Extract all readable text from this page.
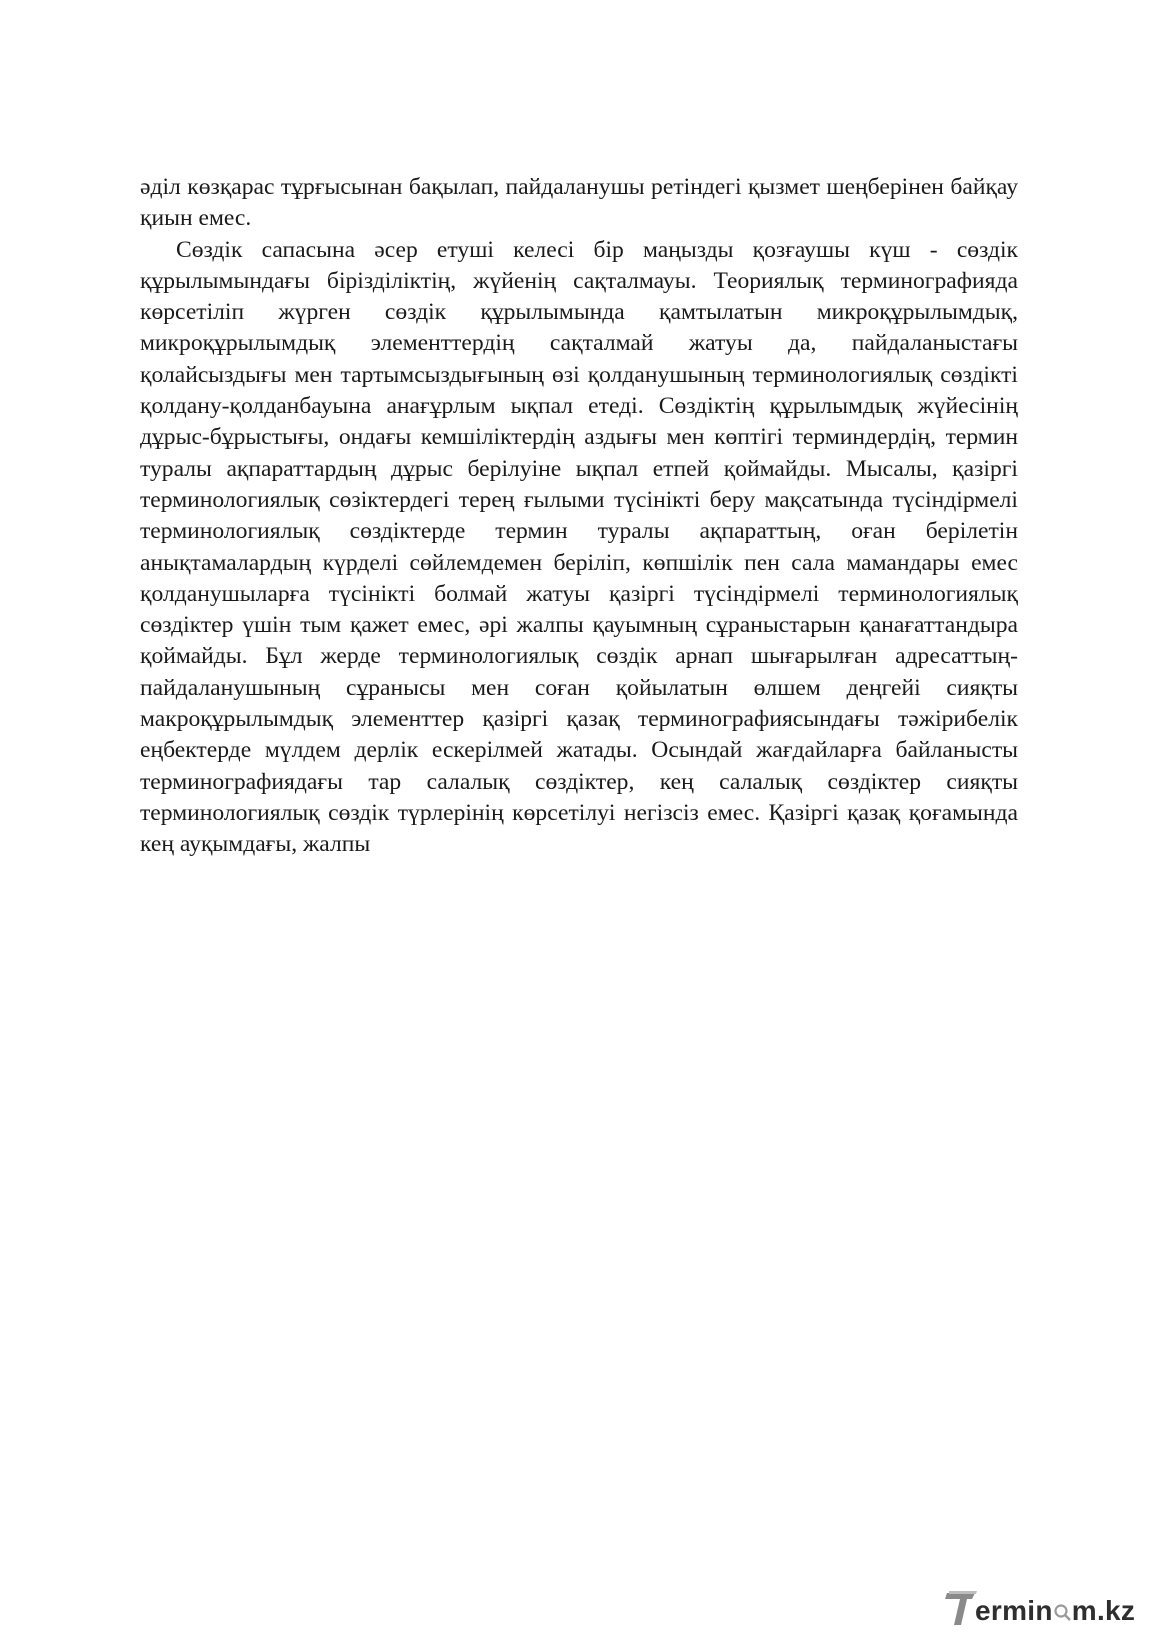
әділ көзқарас тұрғысынан бақылап, пайдаланушы ретіндегі қызмет шеңберінен байқау қиын емес.

Сөздік сапасына әсер етуші келесі бір маңызды қозғаушы күш - сөздік құрылымындағы бірізділіктің, жүйенің сақталмауы. Теориялық терминографияда көрсетіліп жүрген сөздік құрылымында қамтылатын микроқұрылымдық, микроқұрылымдық элементтердің сақталмай жатуы да, пайдаланыстағы қолайсыздығы мен тартымсыздығының өзі қолданушының терминологиялық сөздікті қолдану-қолданбауына анағұрлым ықпал етеді. Сөздіктің құрылымдық жүйесінің дұрыс-бұрыстығы, ондағы кемшіліктердің аздығы мен көптігі терминдердің, термин туралы ақпараттардың дұрыс берілуіне ықпал етпей қоймайды. Мысалы, қазіргі терминологиялық сөзіктердегі терең ғылыми түсінікті беру мақсатында түсіндірмелі терминологиялық сөздіктерде термин туралы ақпараттың, оған берілетін анықтамалардың күрделі сөйлемдемен беріліп, көпшілік пен сала мамандары емес қолданушыларға түсінікті болмай жатуы қазіргі түсіндірмелі терминологиялық сөздіктер үшін тым қажет емес, әрі жалпы қауымның сұраныстарын қанағаттандыра қоймайды. Бұл жерде терминологиялық сөздік арнап шығарылған адресаттың-пайдаланушының сұранысы мен соған қойылатын өлшем деңгейі сияқты макроқұрылымдық элементтер қазіргі қазақ терминографиясындағы тәжірибелік еңбектерде мүлдем дерлік ескерілмей жатады. Осындай жағдайларға байланысты терминографиядағы тар салалық сөздіктер, кең салалық сөздіктер сияқты терминологиялық сөздік түрлерінің көрсетілуі негізсіз емес. Қазіргі қазақ қоғамында кең ауқымдағы, жалпы

ermin m.kz
